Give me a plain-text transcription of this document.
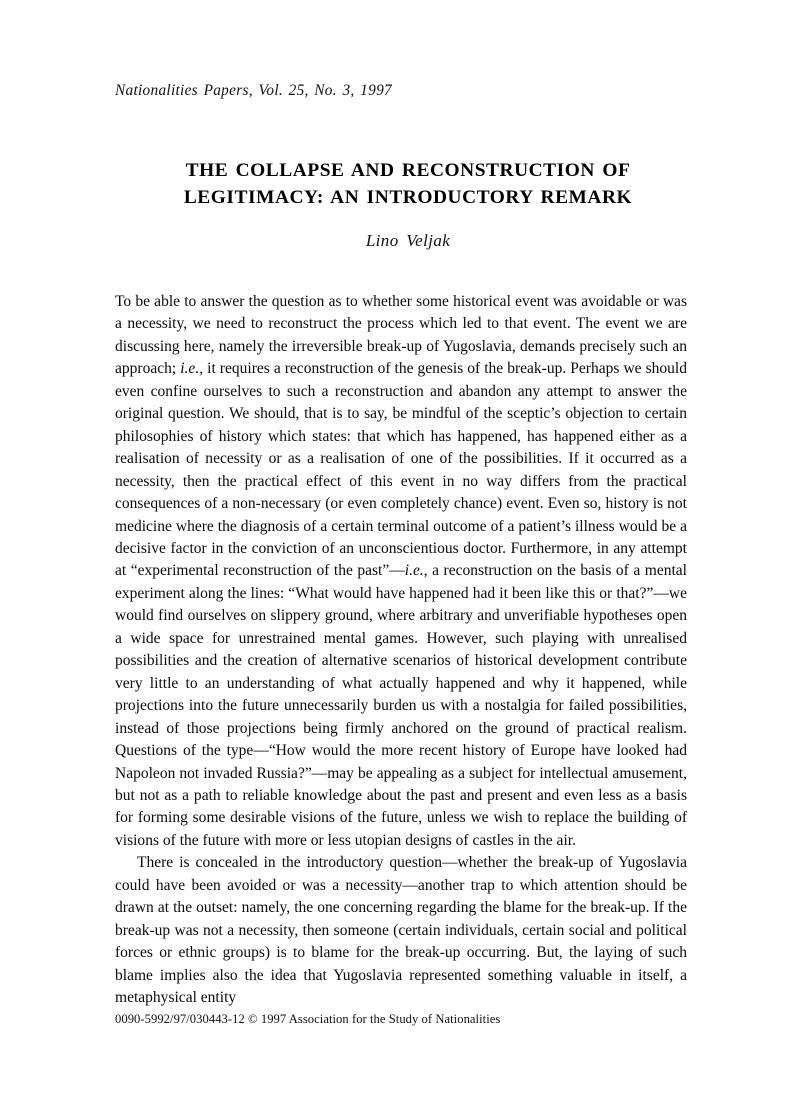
Nationalities Papers, Vol. 25, No. 3, 1997
THE COLLAPSE AND RECONSTRUCTION OF
LEGITIMACY: AN INTRODUCTORY REMARK
Lino Veljak

To be able to answer the question as to whether some historical event was avoidable or was a necessity, we need to reconstruct the process which led to that event. The event we are discussing here, namely the irreversible break-up of Yugoslavia, demands precisely such an approach; i.e., it requires a reconstruction of the genesis of the break-up. Perhaps we should even confine ourselves to such a reconstruction and abandon any attempt to answer the original question. We should, that is to say, be mindful of the sceptic’s objection to certain philosophies of history which states: that which has happened, has happened either as a realisation of necessity or as a realisation of one of the possibilities. If it occurred as a necessity, then the practical effect of this event in no way differs from the practical consequences of a non-necessary (or even completely chance) event. Even so, history is not medicine where the diagnosis of a certain terminal outcome of a patient’s illness would be a decisive factor in the conviction of an unconscientious doctor. Furthermore, in any attempt at “experimental reconstruction of the past”—i.e., a reconstruction on the basis of a mental experiment along the lines: “What would have happened had it been like this or that?”—we would find ourselves on slippery ground, where arbitrary and unverifiable hypotheses open a wide space for unrestrained mental games. However, such playing with unrealised possibilities and the creation of alternative scenarios of historical development contribute very little to an understanding of what actually happened and why it happened, while projections into the future unnecessarily burden us with a nostalgia for failed possibilities, instead of those projections being firmly anchored on the ground of practical realism. Questions of the type—“How would the more recent history of Europe have looked had Napoleon not invaded Russia?”—may be appealing as a subject for intellectual amusement, but not as a path to reliable knowledge about the past and present and even less as a basis for forming some desirable visions of the future, unless we wish to replace the building of visions of the future with more or less utopian designs of castles in the air.

There is concealed in the introductory question—whether the break-up of Yugoslavia could have been avoided or was a necessity—another trap to which attention should be drawn at the outset: namely, the one concerning regarding the blame for the break-up. If the break-up was not a necessity, then someone (certain individuals, certain social and political forces or ethnic groups) is to blame for the break-up occurring. But, the laying of such blame implies also the idea that Yugoslavia represented something valuable in itself, a metaphysical entity

0090-5992/97/030443-12 © 1997 Association for the Study of Nationalities
